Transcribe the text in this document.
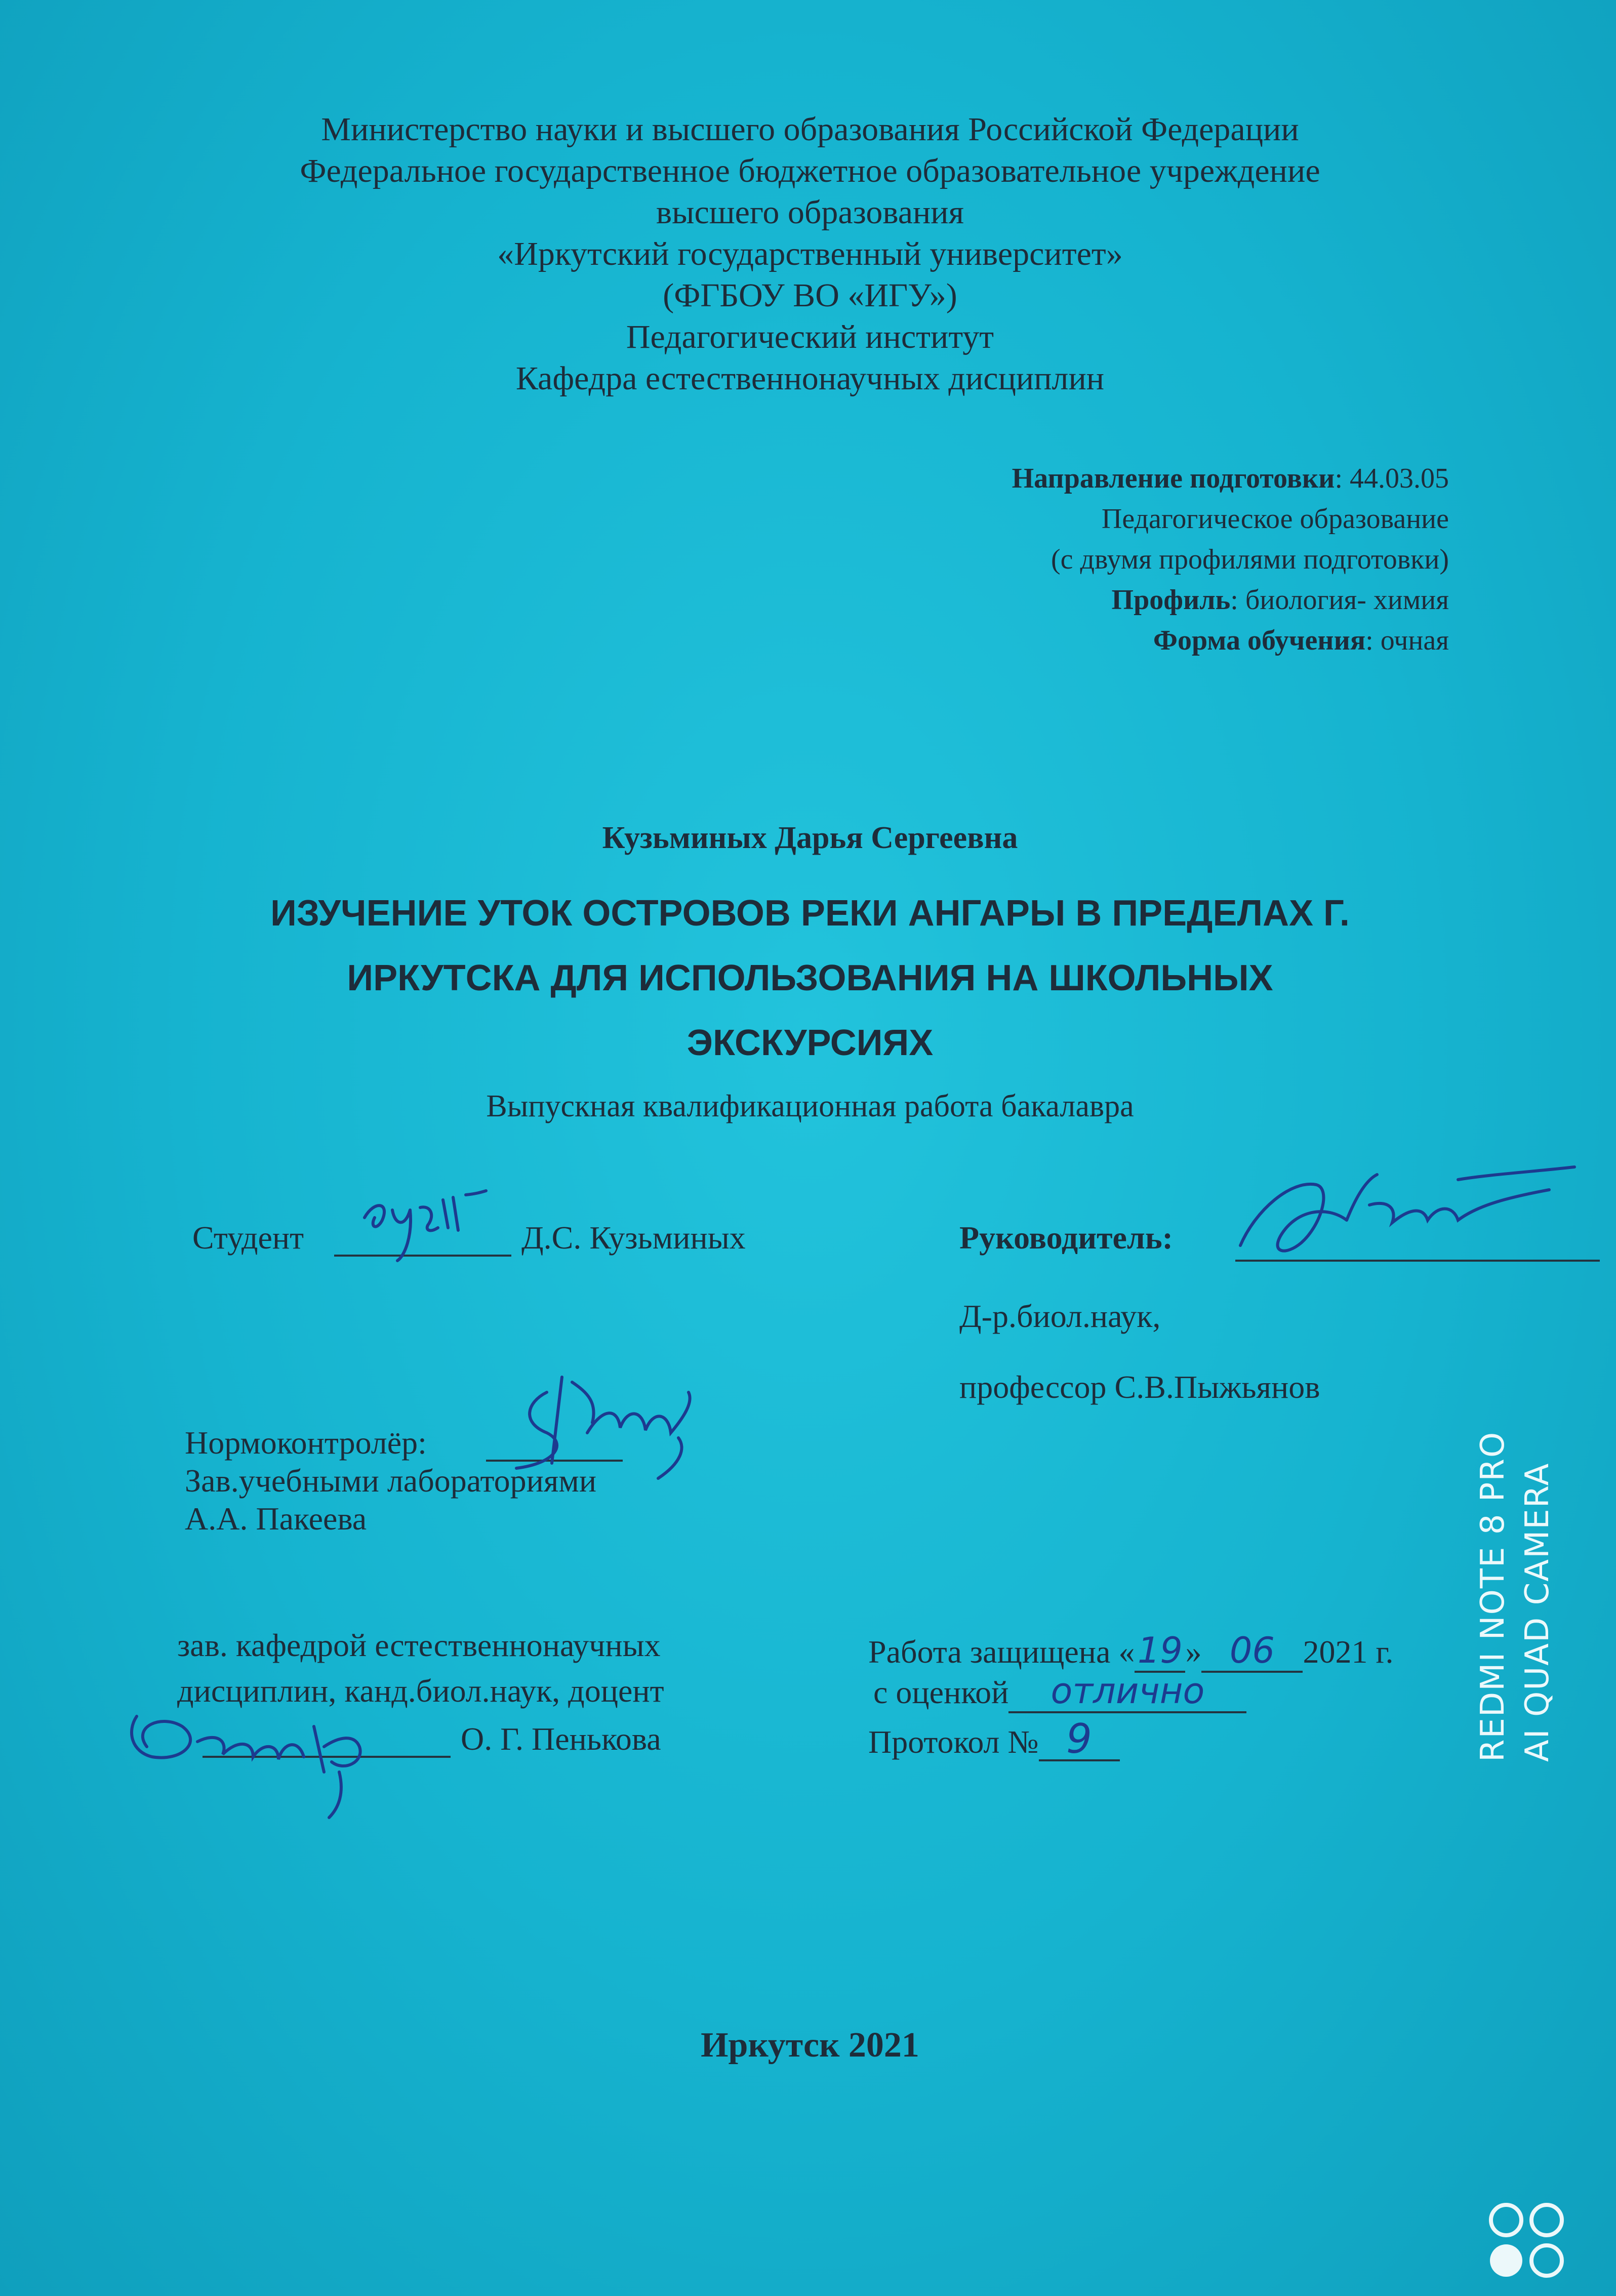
Министерство науки и высшего образования Российской Федерации
Федеральное государственное бюджетное образовательное учреждение
высшего образования
«Иркутский государственный университет»
(ФГБОУ ВО «ИГУ»)
Педагогический институт
Кафедра естественнонаучных дисциплин
Направление подготовки: 44.03.05
Педагогическое образование
(с двумя профилями подготовки)
Профиль: биология- химия
Форма обучения: очная
Кузьминых Дарья Сергеевна
ИЗУЧЕНИЕ УТОК ОСТРОВОВ РЕКИ АНГАРЫ В ПРЕДЕЛАХ Г.
ИРКУТСКА ДЛЯ ИСПОЛЬЗОВАНИЯ НА ШКОЛЬНЫХ
ЭКСКУРСИЯХ
Выпускная квалификационная работа бакалавра
Студент	Д.С. Кузьминых	Руководитель:
Д-р.биол.наук,
профессор С.В.Пыжьянов
Нормоконтролёр:
Зав.учебными лабораториями
А.А. Пакеева
зав. кафедрой естественнонаучных
дисциплин, канд.биол.наук, доцент
О. Г. Пенькова
Работа защищена «19» 06 2021 г.
с оценкой отлично
Протокол № 9
Иркутск 2021
REDMI NOTE 8 PRO AI QUAD CAMERA
